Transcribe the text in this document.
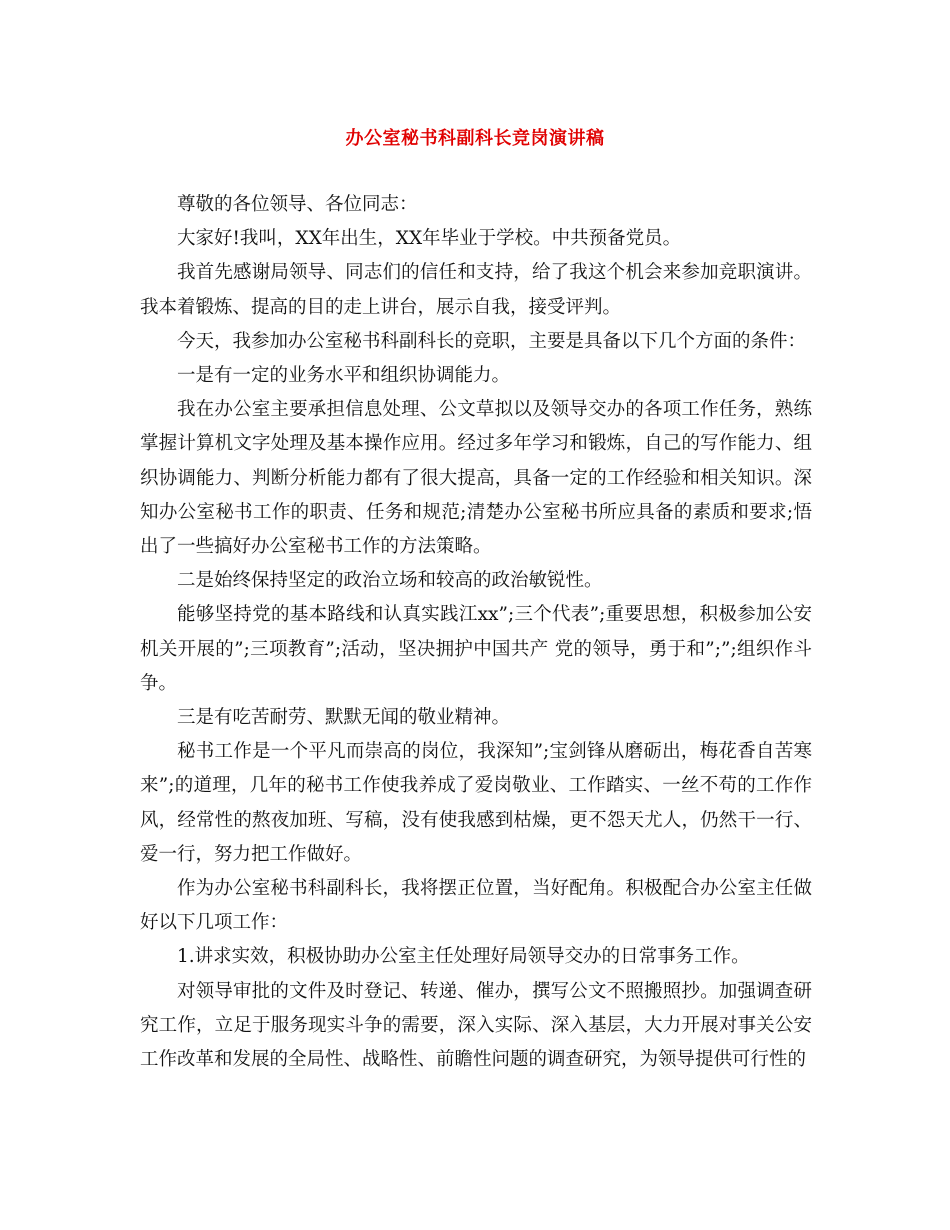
办公室秘书科副科长竞岗演讲稿

尊敬的各位领导、各位同志：

大家好!我叫，XX年出生，XX年毕业于学校。中共预备党员。

我首先感谢局领导、同志们的信任和支持，给了我这个机会来参加竞职演讲。我本着锻炼、提高的目的走上讲台，展示自我，接受评判。

今天，我参加办公室秘书科副科长的竞职，主要是具备以下几个方面的条件：

一是有一定的业务水平和组织协调能力。

我在办公室主要承担信息处理、公文草拟以及领导交办的各项工作任务，熟练掌握计算机文字处理及基本操作应用。经过多年学习和锻炼，自己的写作能力、组织协调能力、判断分析能力都有了很大提高，具备一定的工作经验和相关知识。深知办公室秘书工作的职责、任务和规范;清楚办公室秘书所应具备的素质和要求;悟出了一些搞好办公室秘书工作的方法策略。

二是始终保持坚定的政治立场和较高的政治敏锐性。

能够坚持党的基本路线和认真实践江xx”;三个代表”;重要思想，积极参加公安机关开展的”;三项教育”;活动，坚决拥护中国共产 党的领导，勇于和”;”;组织作斗争。

三是有吃苦耐劳、默默无闻的敬业精神。

秘书工作是一个平凡而崇高的岗位，我深知”;宝剑锋从磨砺出，梅花香自苦寒来”;的道理，几年的秘书工作使我养成了爱岗敬业、工作踏实、一丝不苟的工作作风，经常性的熬夜加班、写稿，没有使我感到枯燥，更不怨天尤人，仍然干一行、爱一行，努力把工作做好。

作为办公室秘书科副科长，我将摆正位置，当好配角。积极配合办公室主任做好以下几项工作：

1.讲求实效，积极协助办公室主任处理好局领导交办的日常事务工作。

对领导审批的文件及时登记、转递、催办，撰写公文不照搬照抄。加强调查研究工作，立足于服务现实斗争的需要，深入实际、深入基层，大力开展对事关公安工作改革和发展的全局性、战略性、前瞻性问题的调查研究，为领导提供可行性的
